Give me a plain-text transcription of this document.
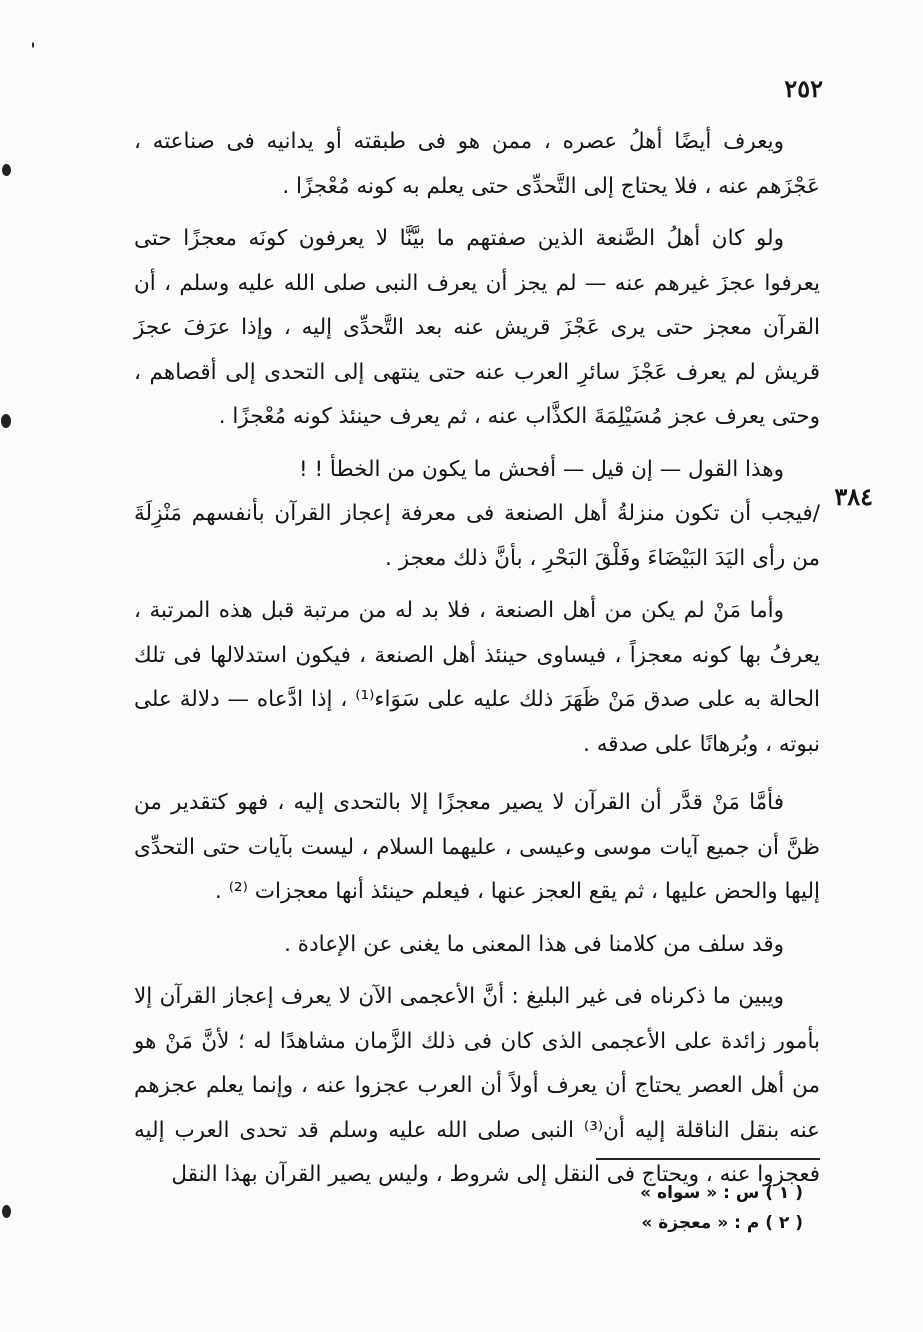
٢٥٢
٣٨٤

ويعرف أيضًا أهلُ عصره ، ممن هو فى طبقته أو يدانيه فى صناعته ، عَجْزَهم عنه ، فلا يحتاج إلى التَّحدِّى حتى يعلم به كونه مُعْجزًا .

ولو كان أهلُ الصَّنعة الذين صفتهم ما بيَّنَّا لا يعرفون كونَه معجزًا حتى يعرفوا عجزَ غيرهم عنه — لم يجز أن يعرف النبى صلى الله عليه وسلم ، أن القرآن معجز حتى يرى عَجْزَ قريش عنه بعد التَّحدِّى إليه ، وإذا عرَفَ عجزَ قريش لم يعرف عَجْزَ سائرِ العرب عنه حتى ينتهى إلى التحدى إلى أقصاهم ، وحتى يعرف عجز مُسَيْلِمَةَ الكذَّاب عنه ، ثم يعرف حينئذ كونه مُعْجزًا .

وهذا القول — إن قيل — أفحش ما يكون من الخطأ ! !

/فيجب أن تكون منزلةُ أهل الصنعة فى معرفة إعجاز القرآن بأنفسهم مَنْزِلَةَ من رأى اليَدَ البَيْضَاءَ وفَلْقَ البَحْرِ ، بأنَّ ذلك معجز .

وأما مَنْ لم يكن من أهل الصنعة ، فلا بد له من مرتبة قبل هذه المرتبة ، يعرفُ بها كونه معجزاً ، فيساوى حينئذ أهل الصنعة ، فيكون استدلالها فى تلك الحالة به على صدق مَنْ ظَهَرَ ذلك عليه على سَوَاء⁽¹⁾ ، إذا ادَّعاه — دلالة على نبوته ، وبُرهانًا على صدقه .

فأمَّا مَنْ قدَّر أن القرآن لا يصير معجزًا إلا بالتحدى إليه ، فهو كتقدير من ظنَّ أن جميع آيات موسى وعيسى ، عليهما السلام ، ليست بآيات حتى التحدِّى إليها والحض عليها ، ثم يقع العجز عنها ، فيعلم حينئذ أنها معجزات ⁽²⁾ .

وقد سلف من كلامنا فى هذا المعنى ما يغنى عن الإعادة .

ويبين ما ذكرناه فى غير البليغ : أنَّ الأعجمى الآن لا يعرف إعجاز القرآن إلا بأمور زائدة على الأعجمى الذى كان فى ذلك الزَّمان مشاهدًا له ؛ لأنَّ مَنْ هو من أهل العصر يحتاج أن يعرف أولاً أن العرب عجزوا عنه ، وإنما يعلم عجزهم عنه بنقل الناقلة إليه أن⁽³⁾ النبى صلى الله عليه وسلم قد تحدى العرب إليه فعجزوا عنه ، ويحتاج فى النقل إلى شروط ، وليس يصير القرآن بهذا النقل

( ١ ) س : « سواه »
( ٢ ) م : « معجزة »
